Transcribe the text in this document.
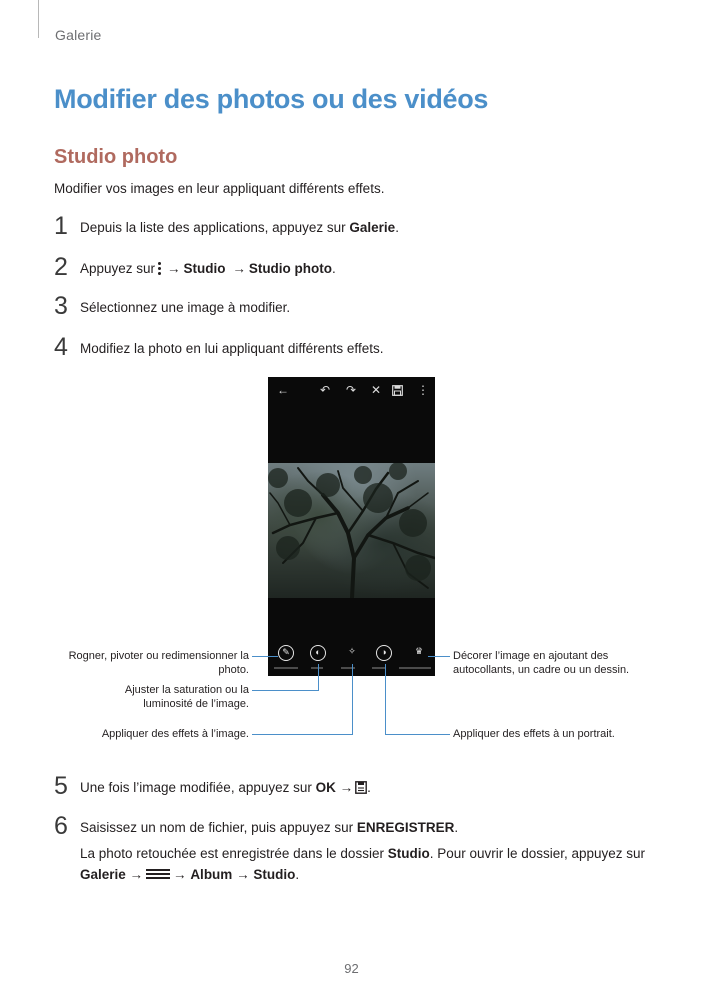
Galerie
Modifier des photos ou des vidéos
Studio photo

Modifier vos images en leur appliquant différents effets.

1 Depuis la liste des applications, appuyez sur Galerie.
2 Appuyez sur → Studio → Studio photo.
3 Sélectionnez une image à modifier.
4 Modifiez la photo en lui appliquant différents effets.
←	↶ ↷ ✕	⋮
✎	◐	✧	◑	♛
Rogner, pivoter ou redimensionner la photo.
Ajuster la saturation ou la luminosité de l’image.
Appliquer des effets à l’image.
Décorer l’image en ajoutant des autocollants, un cadre ou un dessin.
Appliquer des effets à un portrait.
5 Une fois l’image modifiée, appuyez sur OK → .
6 Saisissez un nom de fichier, puis appuyez sur ENREGISTRER.
La photo retouchée est enregistrée dans le dossier Studio. Pour ouvrir le dossier, appuyez sur
Galerie → → Album → Studio.
92
